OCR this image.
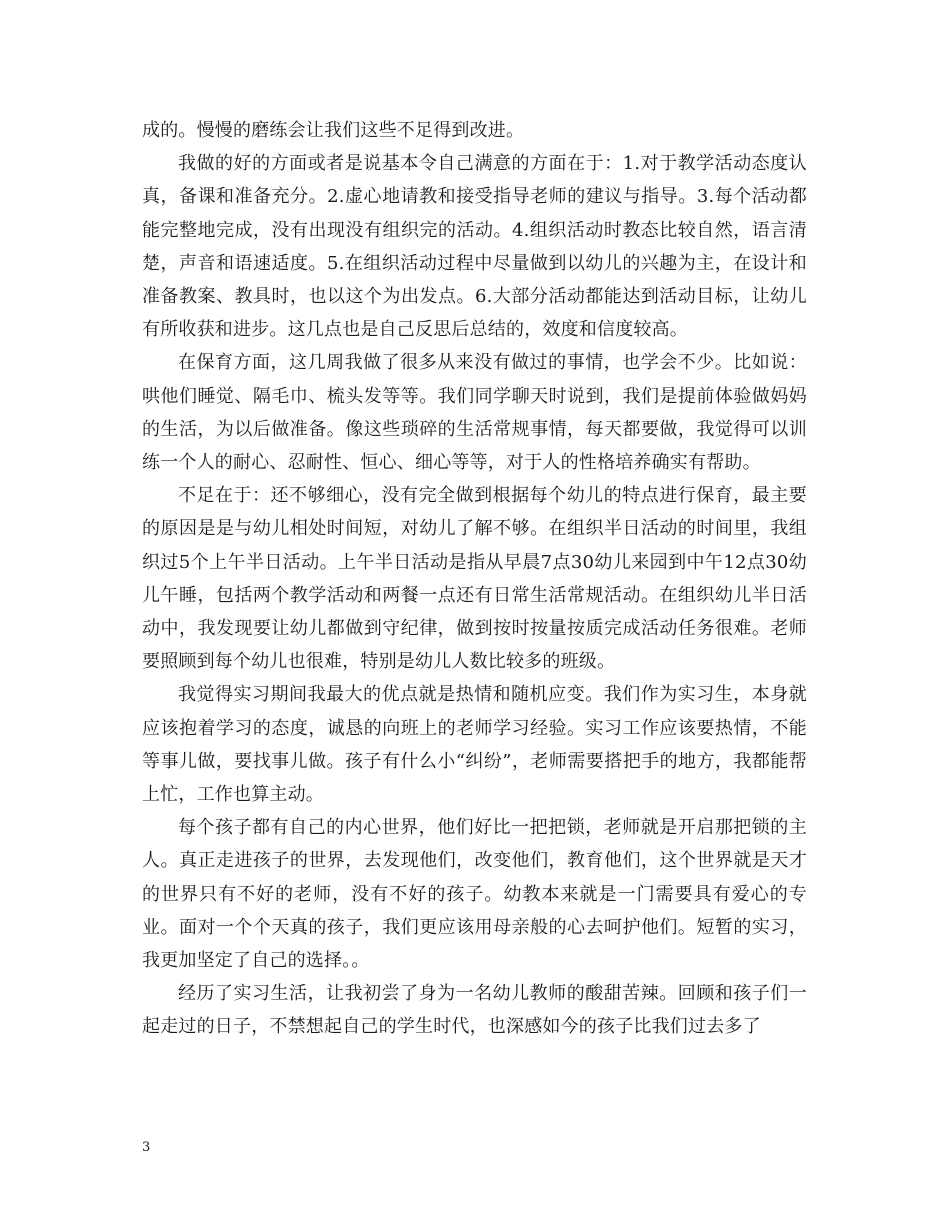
成的。慢慢的磨练会让我们这些不足得到改进。

我做的好的方面或者是说基本令自己满意的方面在于：1.对于教学活动态度认真，备课和准备充分。2.虚心地请教和接受指导老师的建议与指导。3.每个活动都能完整地完成，没有出现没有组织完的活动。4.组织活动时教态比较自然，语言清楚，声音和语速适度。5.在组织活动过程中尽量做到以幼儿的兴趣为主，在设计和准备教案、教具时，也以这个为出发点。6.大部分活动都能达到活动目标，让幼儿有所收获和进步。这几点也是自己反思后总结的，效度和信度较高。

在保育方面，这几周我做了很多从来没有做过的事情，也学会不少。比如说：哄他们睡觉、隔毛巾、梳头发等等。我们同学聊天时说到，我们是提前体验做妈妈的生活，为以后做准备。像这些琐碎的生活常规事情，每天都要做，我觉得可以训练一个人的耐心、忍耐性、恒心、细心等等，对于人的性格培养确实有帮助。

不足在于：还不够细心，没有完全做到根据每个幼儿的特点进行保育，最主要的原因是是与幼儿相处时间短，对幼儿了解不够。在组织半日活动的时间里，我组织过5个上午半日活动。上午半日活动是指从早晨7点30幼儿来园到中午12点30幼儿午睡，包括两个教学活动和两餐一点还有日常生活常规活动。在组织幼儿半日活动中，我发现要让幼儿都做到守纪律，做到按时按量按质完成活动任务很难。老师要照顾到每个幼儿也很难，特别是幼儿人数比较多的班级。

我觉得实习期间我最大的优点就是热情和随机应变。我们作为实习生，本身就应该抱着学习的态度，诚恳的向班上的老师学习经验。实习工作应该要热情，不能等事儿做，要找事儿做。孩子有什么小“纠纷”，老师需要搭把手的地方，我都能帮上忙，工作也算主动。

每个孩子都有自己的内心世界，他们好比一把把锁，老师就是开启那把锁的主人。真正走进孩子的世界，去发现他们，改变他们，教育他们，这个世界就是天才的世界只有不好的老师，没有不好的孩子。幼教本来就是一门需要具有爱心的专业。面对一个个天真的孩子，我们更应该用母亲般的心去呵护他们。短暂的实习，我更加坚定了自己的选择。。

经历了实习生活，让我初尝了身为一名幼儿教师的酸甜苦辣。回顾和孩子们一起走过的日子，不禁想起自己的学生时代，也深感如今的孩子比我们过去多了

3
